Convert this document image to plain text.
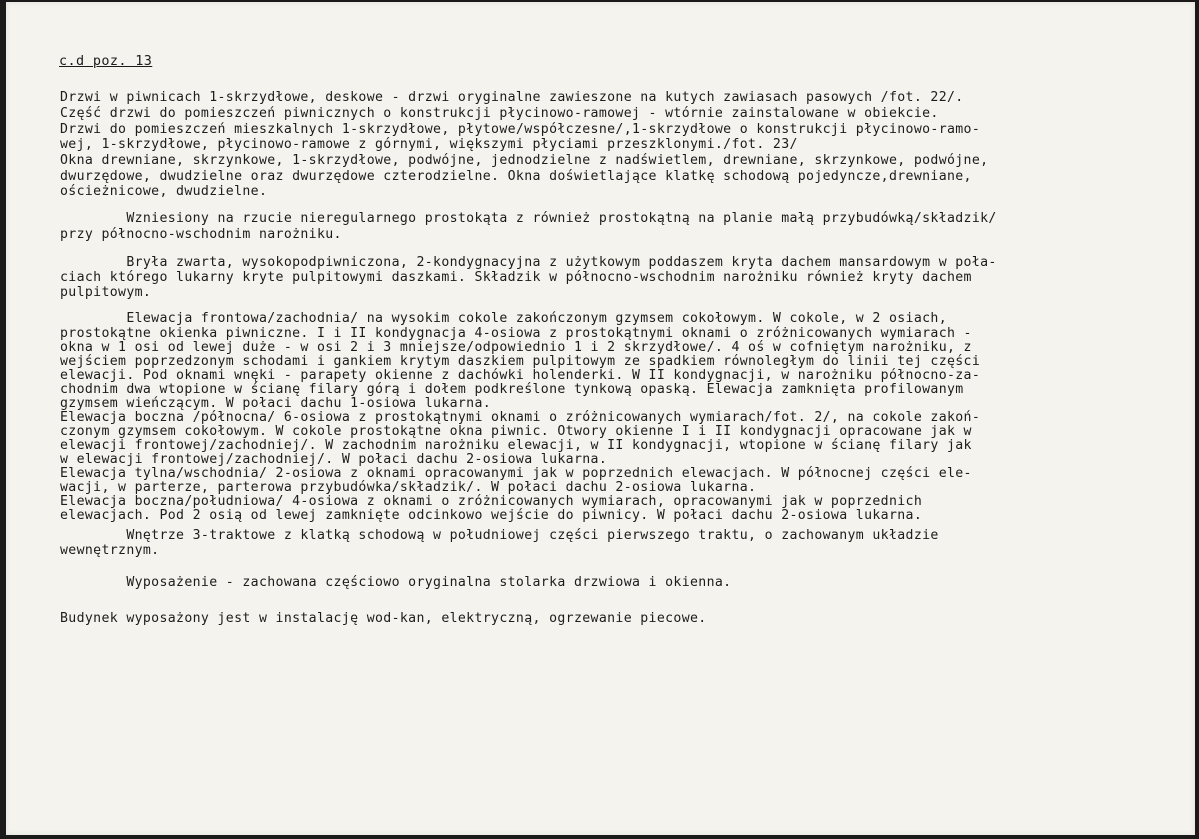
c.d poz. 13
Drzwi w piwnicach 1-skrzydłowe, deskowe - drzwi oryginalne zawieszone na kutych zawiasach pasowych /fot. 22/.
Część drzwi do pomieszczeń piwnicznych o konstrukcji płycinowo-ramowej - wtórnie zainstalowane w obiekcie.
Drzwi do pomieszczeń mieszkalnych 1-skrzydłowe, płytowe/współczesne/,1-skrzydłowe o konstrukcji płycinowo-ramo-
wej, 1-skrzydłowe, płycinowo-ramowe z górnymi, większymi płyciami przeszklonymi./fot. 23/
Okna drewniane, skrzynkowe, 1-skrzydłowe, podwójne, jednodzielne z nadświetlem, drewniane, skrzynkowe, podwójne,
dwurzędowe, dwudzielne oraz dwurzędowe czterodzielne. Okna doświetlające klatkę schodową pojedyncze,drewniane,
ościeżnicowe, dwudzielne.
Wzniesiony na rzucie nieregularnego prostokąta z również prostokątną na planie małą przybudówką/składzik/
przy północno-wschodnim narożniku.
Bryła zwarta, wysokopodpiwniczona, 2-kondygnacyjna z użytkowym poddaszem kryta dachem mansardowym w poła-
ciach którego lukarny kryte pulpitowymi daszkami. Składzik w północno-wschodnim narożniku również kryty dachem
pulpitowym.
Elewacja frontowa/zachodnia/ na wysokim cokole zakończonym gzymsem cokołowym. W cokole, w 2 osiach,
prostokątne okienka piwniczne. I i II kondygnacja 4-osiowa z prostokątnymi oknami o zróżnicowanych wymiarach -
okna w 1 osi od lewej duże - w osi 2 i 3 mniejsze/odpowiednio 1 i 2 skrzydłowe/. 4 oś w cofniętym narożniku, z
wejściem poprzedzonym schodami i gankiem krytym daszkiem pulpitowym ze spadkiem równoległym do linii tej części
elewacji. Pod oknami wnęki - parapety okienne z dachówki holenderki. W II kondygnacji, w narożniku północno-za-
chodnim dwa wtopione w ścianę filary górą i dołem podkreślone tynkową opaską. Elewacja zamknięta profilowanym
gzymsem wieńczącym. W połaci dachu 1-osiowa lukarna.
Elewacja boczna /północna/ 6-osiowa z prostokątnymi oknami o zróżnicowanych wymiarach/fot. 2/, na cokole zakoń-
czonym gzymsem cokołowym. W cokole prostokątne okna piwnic. Otwory okienne I i II kondygnacji opracowane jak w
elewacji frontowej/zachodniej/. W zachodnim narożniku elewacji, w II kondygnacji, wtopione w ścianę filary jak
w elewacji frontowej/zachodniej/. W połaci dachu 2-osiowa lukarna.
Elewacja tylna/wschodnia/ 2-osiowa z oknami opracowanymi jak w poprzednich elewacjach. W północnej części ele-
wacji, w parterze, parterowa przybudówka/składzik/. W połaci dachu 2-osiowa lukarna.
Elewacja boczna/południowa/ 4-osiowa z oknami o zróżnicowanych wymiarach, opracowanymi jak w poprzednich
elewacjach. Pod 2 osią od lewej zamknięte odcinkowo wejście do piwnicy. W połaci dachu 2-osiowa lukarna.
Wnętrze 3-traktowe z klatką schodową w południowej części pierwszego traktu, o zachowanym układzie
wewnętrznym.
Wyposażenie - zachowana częściowo oryginalna stolarka drzwiowa i okienna.
Budynek wyposażony jest w instalację wod-kan, elektryczną, ogrzewanie piecowe.
